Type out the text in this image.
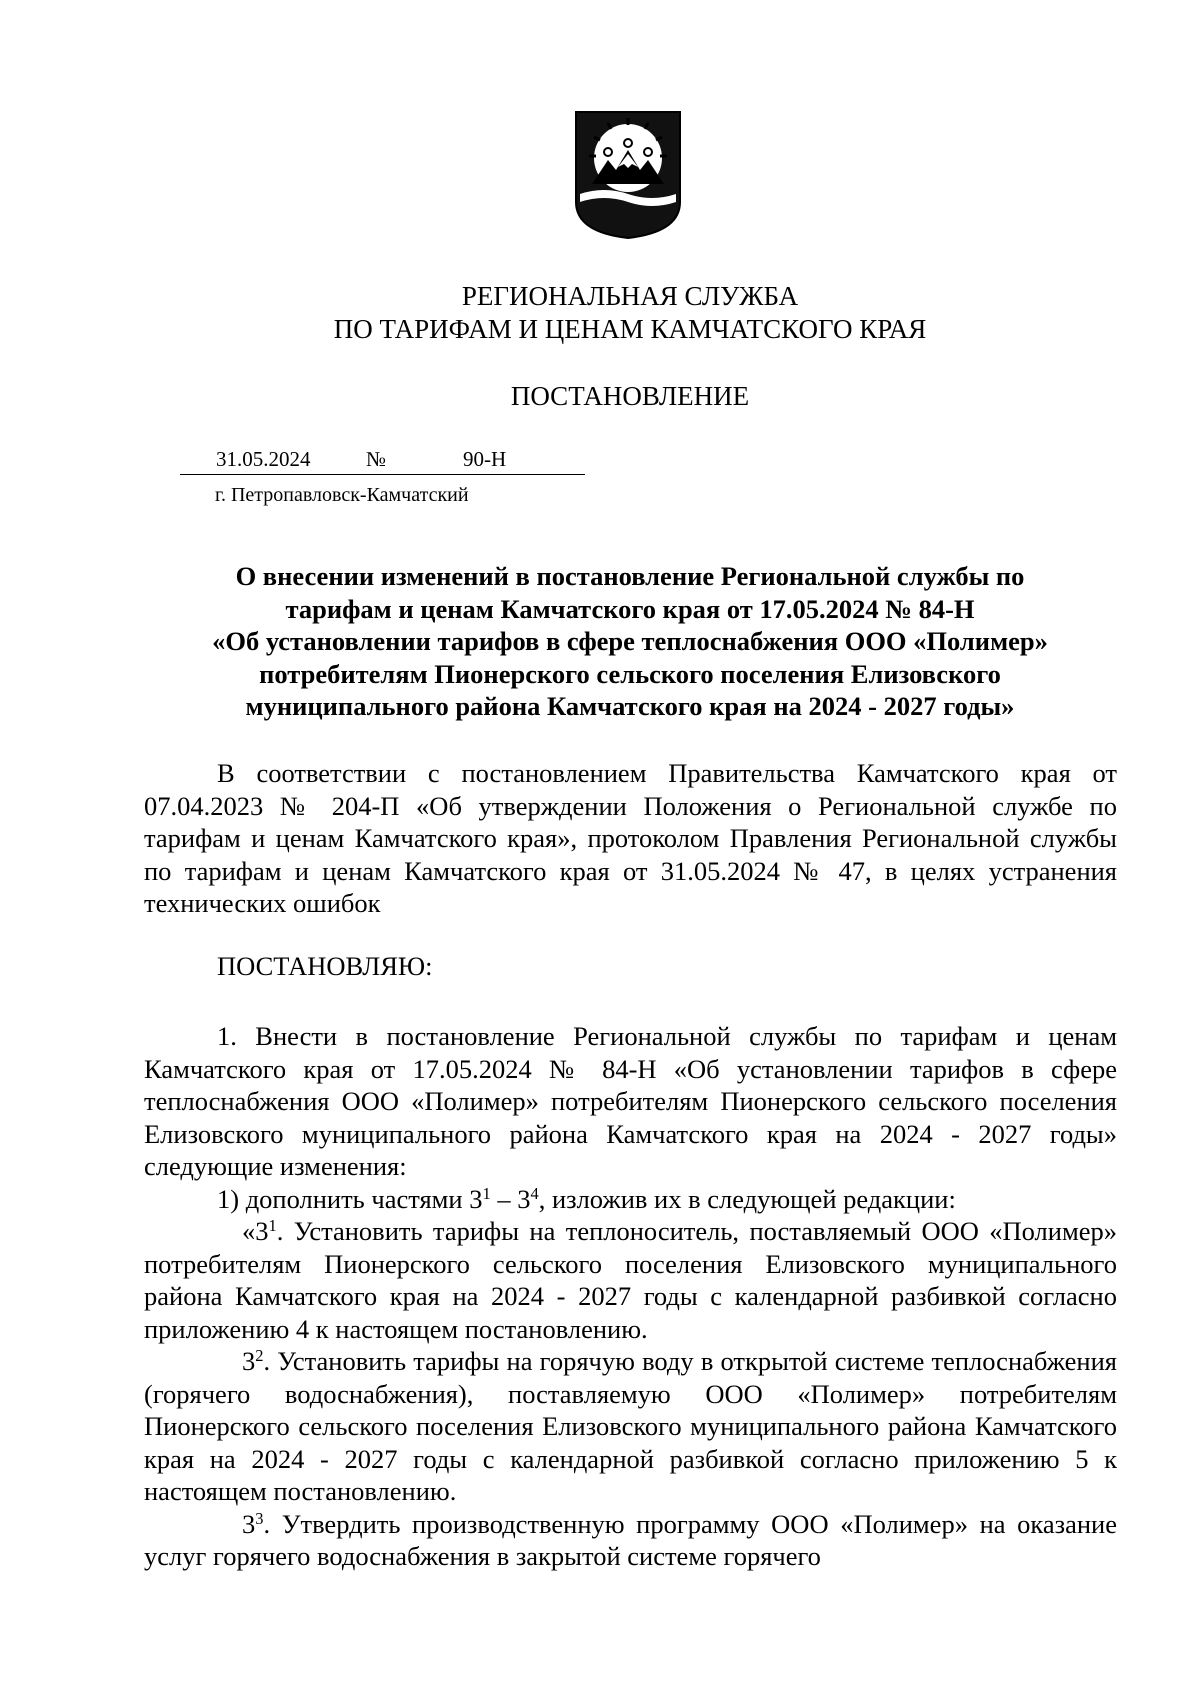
РЕГИОНАЛЬНАЯ СЛУЖБА
ПО ТАРИФАМ И ЦЕНАМ КАМЧАТСКОГО КРАЯ
ПОСТАНОВЛЕНИЕ
31.05.2024	№	90-Н
г. Петропавловск-Камчатский
О внесении изменений в постановление Региональной службы по
тарифам и ценам Камчатского края от 17.05.2024 № 84-Н
«Об установлении тарифов в сфере теплоснабжения ООО «Полимер»
потребителям Пионерского сельского поселения Елизовского
муниципального района Камчатского края на 2024 - 2027 годы»

В соответствии с постановлением Правительства Камчатского края от 07.04.2023 № 204-П «Об утверждении Положения о Региональной службе по тарифам и ценам Камчатского края», протоколом Правления Региональной службы по тарифам и ценам Камчатского края от 31.05.2024 № 47, в целях устранения технических ошибок

ПОСТАНОВЛЯЮ:

1. Внести в постановление Региональной службы по тарифам и ценам Камчатского края от 17.05.2024 № 84-Н «Об установлении тарифов в сфере теплоснабжения ООО «Полимер» потребителям Пионерского сельского поселения Елизовского муниципального района Камчатского края на 2024 - 2027 годы» следующие изменения:

1) дополнить частями $3^1 - 3^4$, изложив их в следующей редакции:

«$3^1$. Установить тарифы на теплоноситель, поставляемый ООО «Полимер» потребителям Пионерского сельского поселения Елизовского муниципального района Камчатского края на 2024 - 2027 годы с календарной разбивкой согласно приложению 4 к настоящем постановлению.

$3^2$. Установить тарифы на горячую воду в открытой системе теплоснабжения (горячего водоснабжения), поставляемую ООО «Полимер» потребителям Пионерского сельского поселения Елизовского муниципального района Камчатского края на 2024 - 2027 годы с календарной разбивкой согласно приложению 5 к настоящем постановлению.

$3^3$. Утвердить производственную программу ООО «Полимер» на оказание услуг горячего водоснабжения в закрытой системе горячего
